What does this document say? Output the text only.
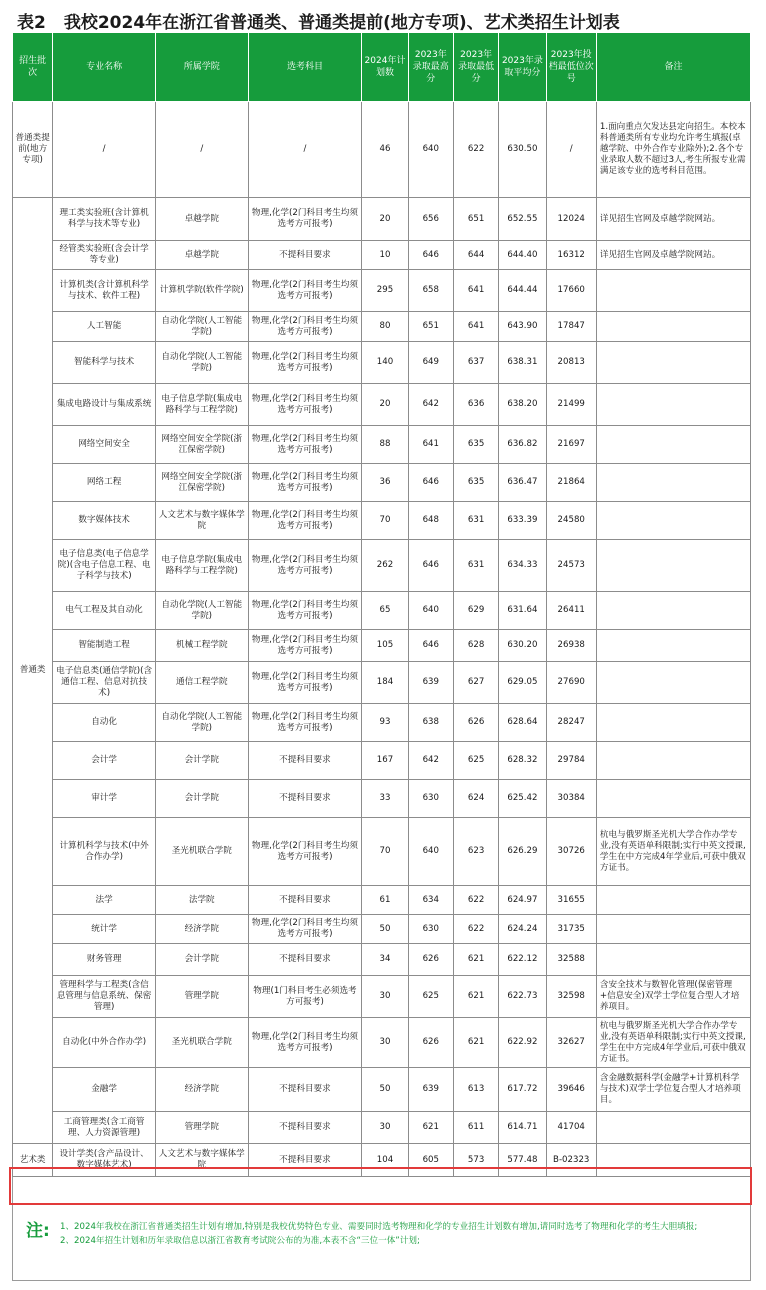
表2 我校2024年在浙江省普通类、普通类提前(地方专项)、艺术类招生计划表
招生批次	专业名称	所属学院	选考科目	2024年计划数	2023年录取最高分	2023年录取最低分	2023年录取平均分	2023年投档最低位次号	备注
普通类提前(地方专项)	/	/	/	46	640	622	630.50	/	1.面向重点欠发达县定向招生。本校本科普通类所有专业均允许考生填报(卓越学院、中外合作专业除外);2.各个专业录取人数不超过3人,考生所报专业需满足该专业的选考科目范围。
普通类	理工类实验班(含计算机科学与技术等专业)	卓越学院	物理,化学(2门科目考生均须选考方可报考)	20	656	651	652.55	12024	详见招生官网及卓越学院网站。
	经管类实验班(含会计学等专业)	卓越学院	不提科目要求	10	646	644	644.40	16312	详见招生官网及卓越学院网站。
	计算机类(含计算机科学与技术、软件工程)	计算机学院(软件学院)	物理,化学(2门科目考生均须选考方可报考)	295	658	641	644.44	17660	
	人工智能	自动化学院(人工智能学院)	物理,化学(2门科目考生均须选考方可报考)	80	651	641	643.90	17847	
	智能科学与技术	自动化学院(人工智能学院)	物理,化学(2门科目考生均须选考方可报考)	140	649	637	638.31	20813	
	集成电路设计与集成系统	电子信息学院(集成电路科学与工程学院)	物理,化学(2门科目考生均须选考方可报考)	20	642	636	638.20	21499	
	网络空间安全	网络空间安全学院(浙江保密学院)	物理,化学(2门科目考生均须选考方可报考)	88	641	635	636.82	21697	
	网络工程	网络空间安全学院(浙江保密学院)	物理,化学(2门科目考生均须选考方可报考)	36	646	635	636.47	21864	
	数字媒体技术	人文艺术与数字媒体学院	物理,化学(2门科目考生均须选考方可报考)	70	648	631	633.39	24580	
	电子信息类(电子信息学院)(含电子信息工程、电子科学与技术)	电子信息学院(集成电路科学与工程学院)	物理,化学(2门科目考生均须选考方可报考)	262	646	631	634.33	24573	
	电气工程及其自动化	自动化学院(人工智能学院)	物理,化学(2门科目考生均须选考方可报考)	65	640	629	631.64	26411	
	智能制造工程	机械工程学院	物理,化学(2门科目考生均须选考方可报考)	105	646	628	630.20	26938	
	电子信息类(通信学院)(含通信工程、信息对抗技术)	通信工程学院	物理,化学(2门科目考生均须选考方可报考)	184	639	627	629.05	27690	
	自动化	自动化学院(人工智能学院)	物理,化学(2门科目考生均须选考方可报考)	93	638	626	628.64	28247	
	会计学	会计学院	不提科目要求	167	642	625	628.32	29784	
	审计学	会计学院	不提科目要求	33	630	624	625.42	30384	
	计算机科学与技术(中外合作办学)	圣光机联合学院	物理,化学(2门科目考生均须选考方可报考)	70	640	623	626.29	30726	杭电与俄罗斯圣光机大学合作办学专业,没有英语单科限制;实行中英文授课,学生在中方完成4年学业后,可获中俄双方证书。
	法学	法学院	不提科目要求	61	634	622	624.97	31655	
	统计学	经济学院	物理,化学(2门科目考生均须选考方可报考)	50	630	622	624.24	31735	
	财务管理	会计学院	不提科目要求	34	626	621	622.12	32588	
	管理科学与工程类(含信息管理与信息系统、保密管理)	管理学院	物理(1门科目考生必须选考方可报考)	30	625	621	622.73	32598	含安全技术与数智化管理(保密管理+信息安全)双学士学位复合型人才培养项目。
	自动化(中外合作办学)	圣光机联合学院	物理,化学(2门科目考生均须选考方可报考)	30	626	621	622.92	32627	杭电与俄罗斯圣光机大学合作办学专业,没有英语单科限制;实行中英文授课,学生在中方完成4年学业后,可获中俄双方证书。
	金融学	经济学院	不提科目要求	50	639	613	617.72	39646	含金融数据科学(金融学+计算机科学与技术)双学士学位复合型人才培养项目。
	工商管理类(含工商管理、人力资源管理)	管理学院	不提科目要求	30	621	611	614.71	41704	
艺术类	设计学类(含产品设计、数字媒体艺术)	人文艺术与数字媒体学院	不提科目要求	104	605	573	577.48	B-02323	
注: 1、2024年我校在浙江省普通类招生计划有增加,特别是我校优势特色专业、需要同时选考物理和化学的专业招生计划数有增加,请同时选考了物理和化学的考生大胆填报;
2、2024年招生计划和历年录取信息以浙江省教育考试院公布的为准,本表不含“三位一体”计划;
